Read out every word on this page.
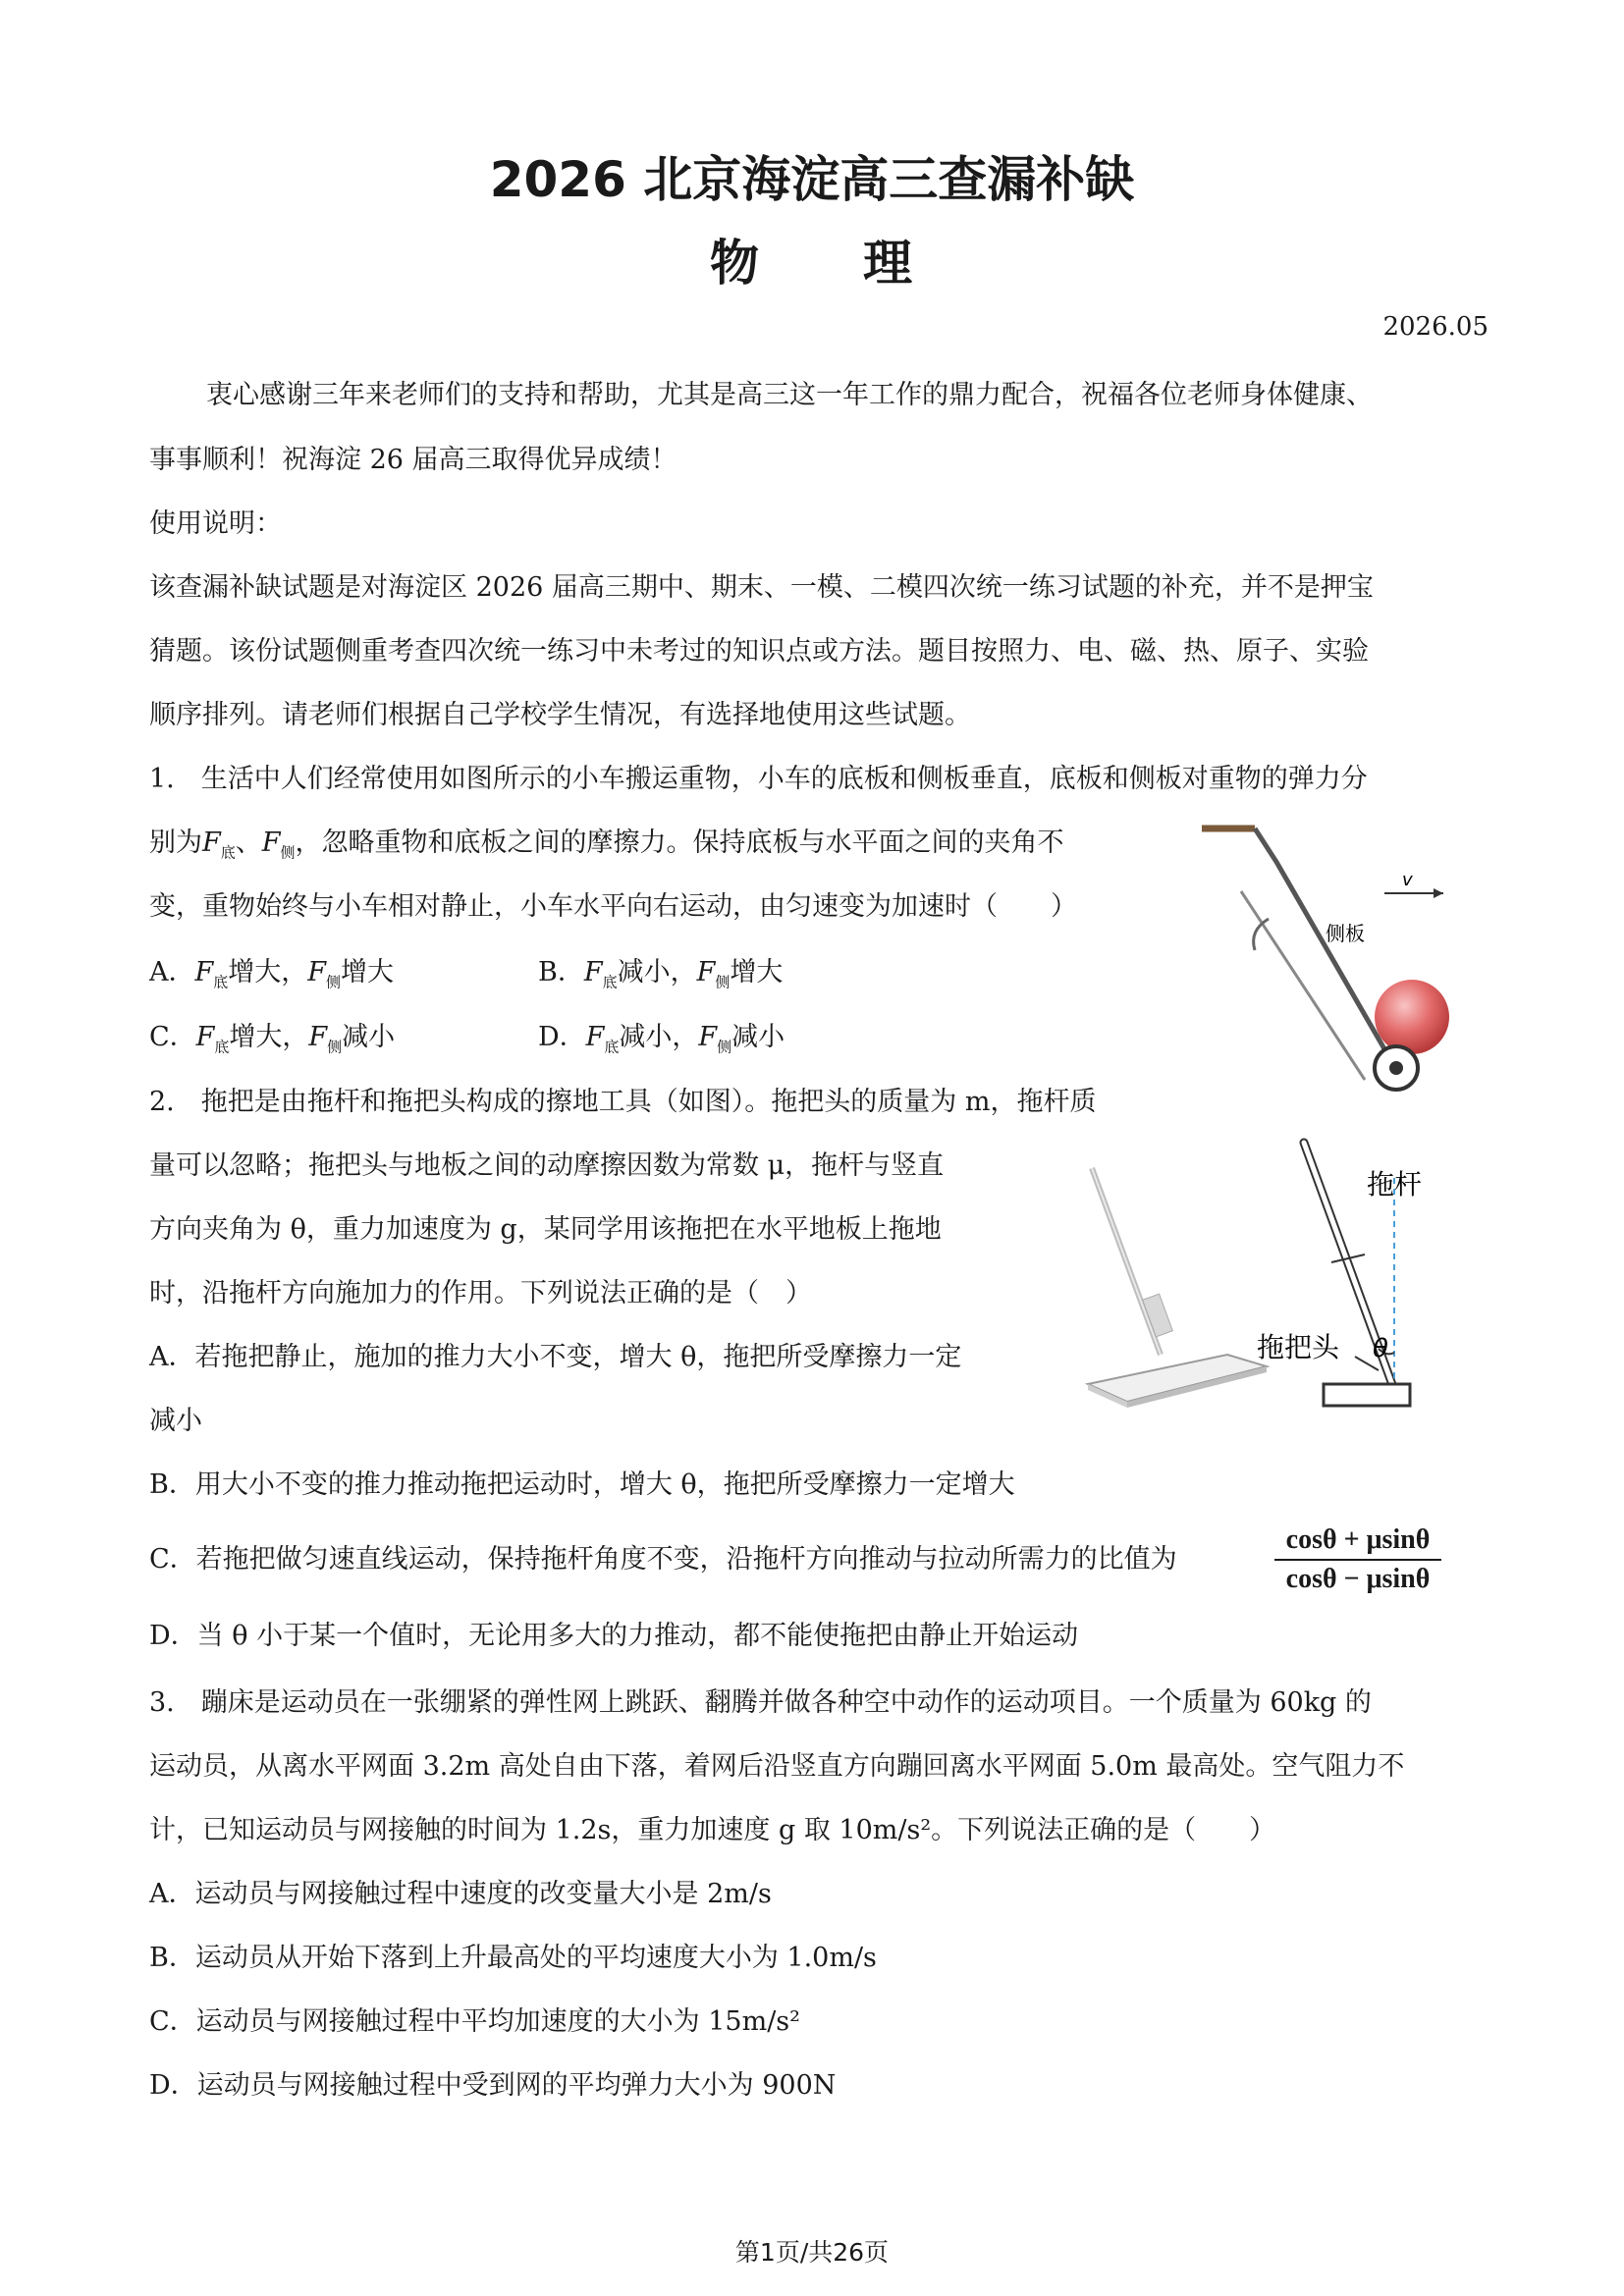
2026 北京海淀高三查漏补缺
物　　理
2026.05
衷心感谢三年来老师们的支持和帮助，尤其是高三这一年工作的鼎力配合，祝福各位老师身体健康、
事事顺利！祝海淀 26 届高三取得优异成绩！
使用说明：
该查漏补缺试题是对海淀区 2026 届高三期中、期末、一模、二模四次统一练习试题的补充，并不是押宝
猜题。该份试题侧重考查四次统一练习中未考过的知识点或方法。题目按照力、电、磁、热、原子、实验
顺序排列。请老师们根据自己学校学生情况，有选择地使用这些试题。
1.　生活中人们经常使用如图所示的小车搬运重物，小车的底板和侧板垂直，底板和侧板对重物的弹力分
别为$F_底$、$F_侧$，忽略重物和底板之间的摩擦力。保持底板与水平面之间的夹角不
变，重物始终与小车相对静止，小车水平向右运动，由匀速变为加速时（　　）
A．$F_底$增大，$F_侧$增大	B．$F_底$减小，$F_侧$增大
C．$F_底$增大，$F_侧$减小	D．$F_底$减小，$F_侧$减小
v
侧板
2.　拖把是由拖杆和拖把头构成的擦地工具（如图）。拖把头的质量为 m，拖杆质
量可以忽略；拖把头与地板之间的动摩擦因数为常数 μ，拖杆与竖直
方向夹角为 θ，重力加速度为 g，某同学用该拖把在水平地板上拖地
时，沿拖杆方向施加力的作用。下列说法正确的是（　）
A．若拖把静止，施加的推力大小不变，增大 θ，拖把所受摩擦力一定
减小
B．用大小不变的推力推动拖把运动时，增大 θ，拖把所受摩擦力一定增大
C．若拖把做匀速直线运动，保持拖杆角度不变，沿拖杆方向推动与拉动所需力的比值为	$\frac{\cos\theta + \mu\sin\theta}{\cos\theta - \mu\sin\theta}$
D．当 θ 小于某一个值时，无论用多大的力推动，都不能使拖把由静止开始运动
θ
拖杆
拖把头
3.　蹦床是运动员在一张绷紧的弹性网上跳跃、翻腾并做各种空中动作的运动项目。一个质量为 60kg 的
运动员，从离水平网面 3.2m 高处自由下落，着网后沿竖直方向蹦回离水平网面 5.0m 最高处。空气阻力不
计，已知运动员与网接触的时间为 1.2s，重力加速度 g 取 10m/s²。下列说法正确的是（　　）
A．运动员与网接触过程中速度的改变量大小是 2m/s
B．运动员从开始下落到上升最高处的平均速度大小为 1.0m/s
C．运动员与网接触过程中平均加速度的大小为 15m/s²
D．运动员与网接触过程中受到网的平均弹力大小为 900N
第1页/共26页
